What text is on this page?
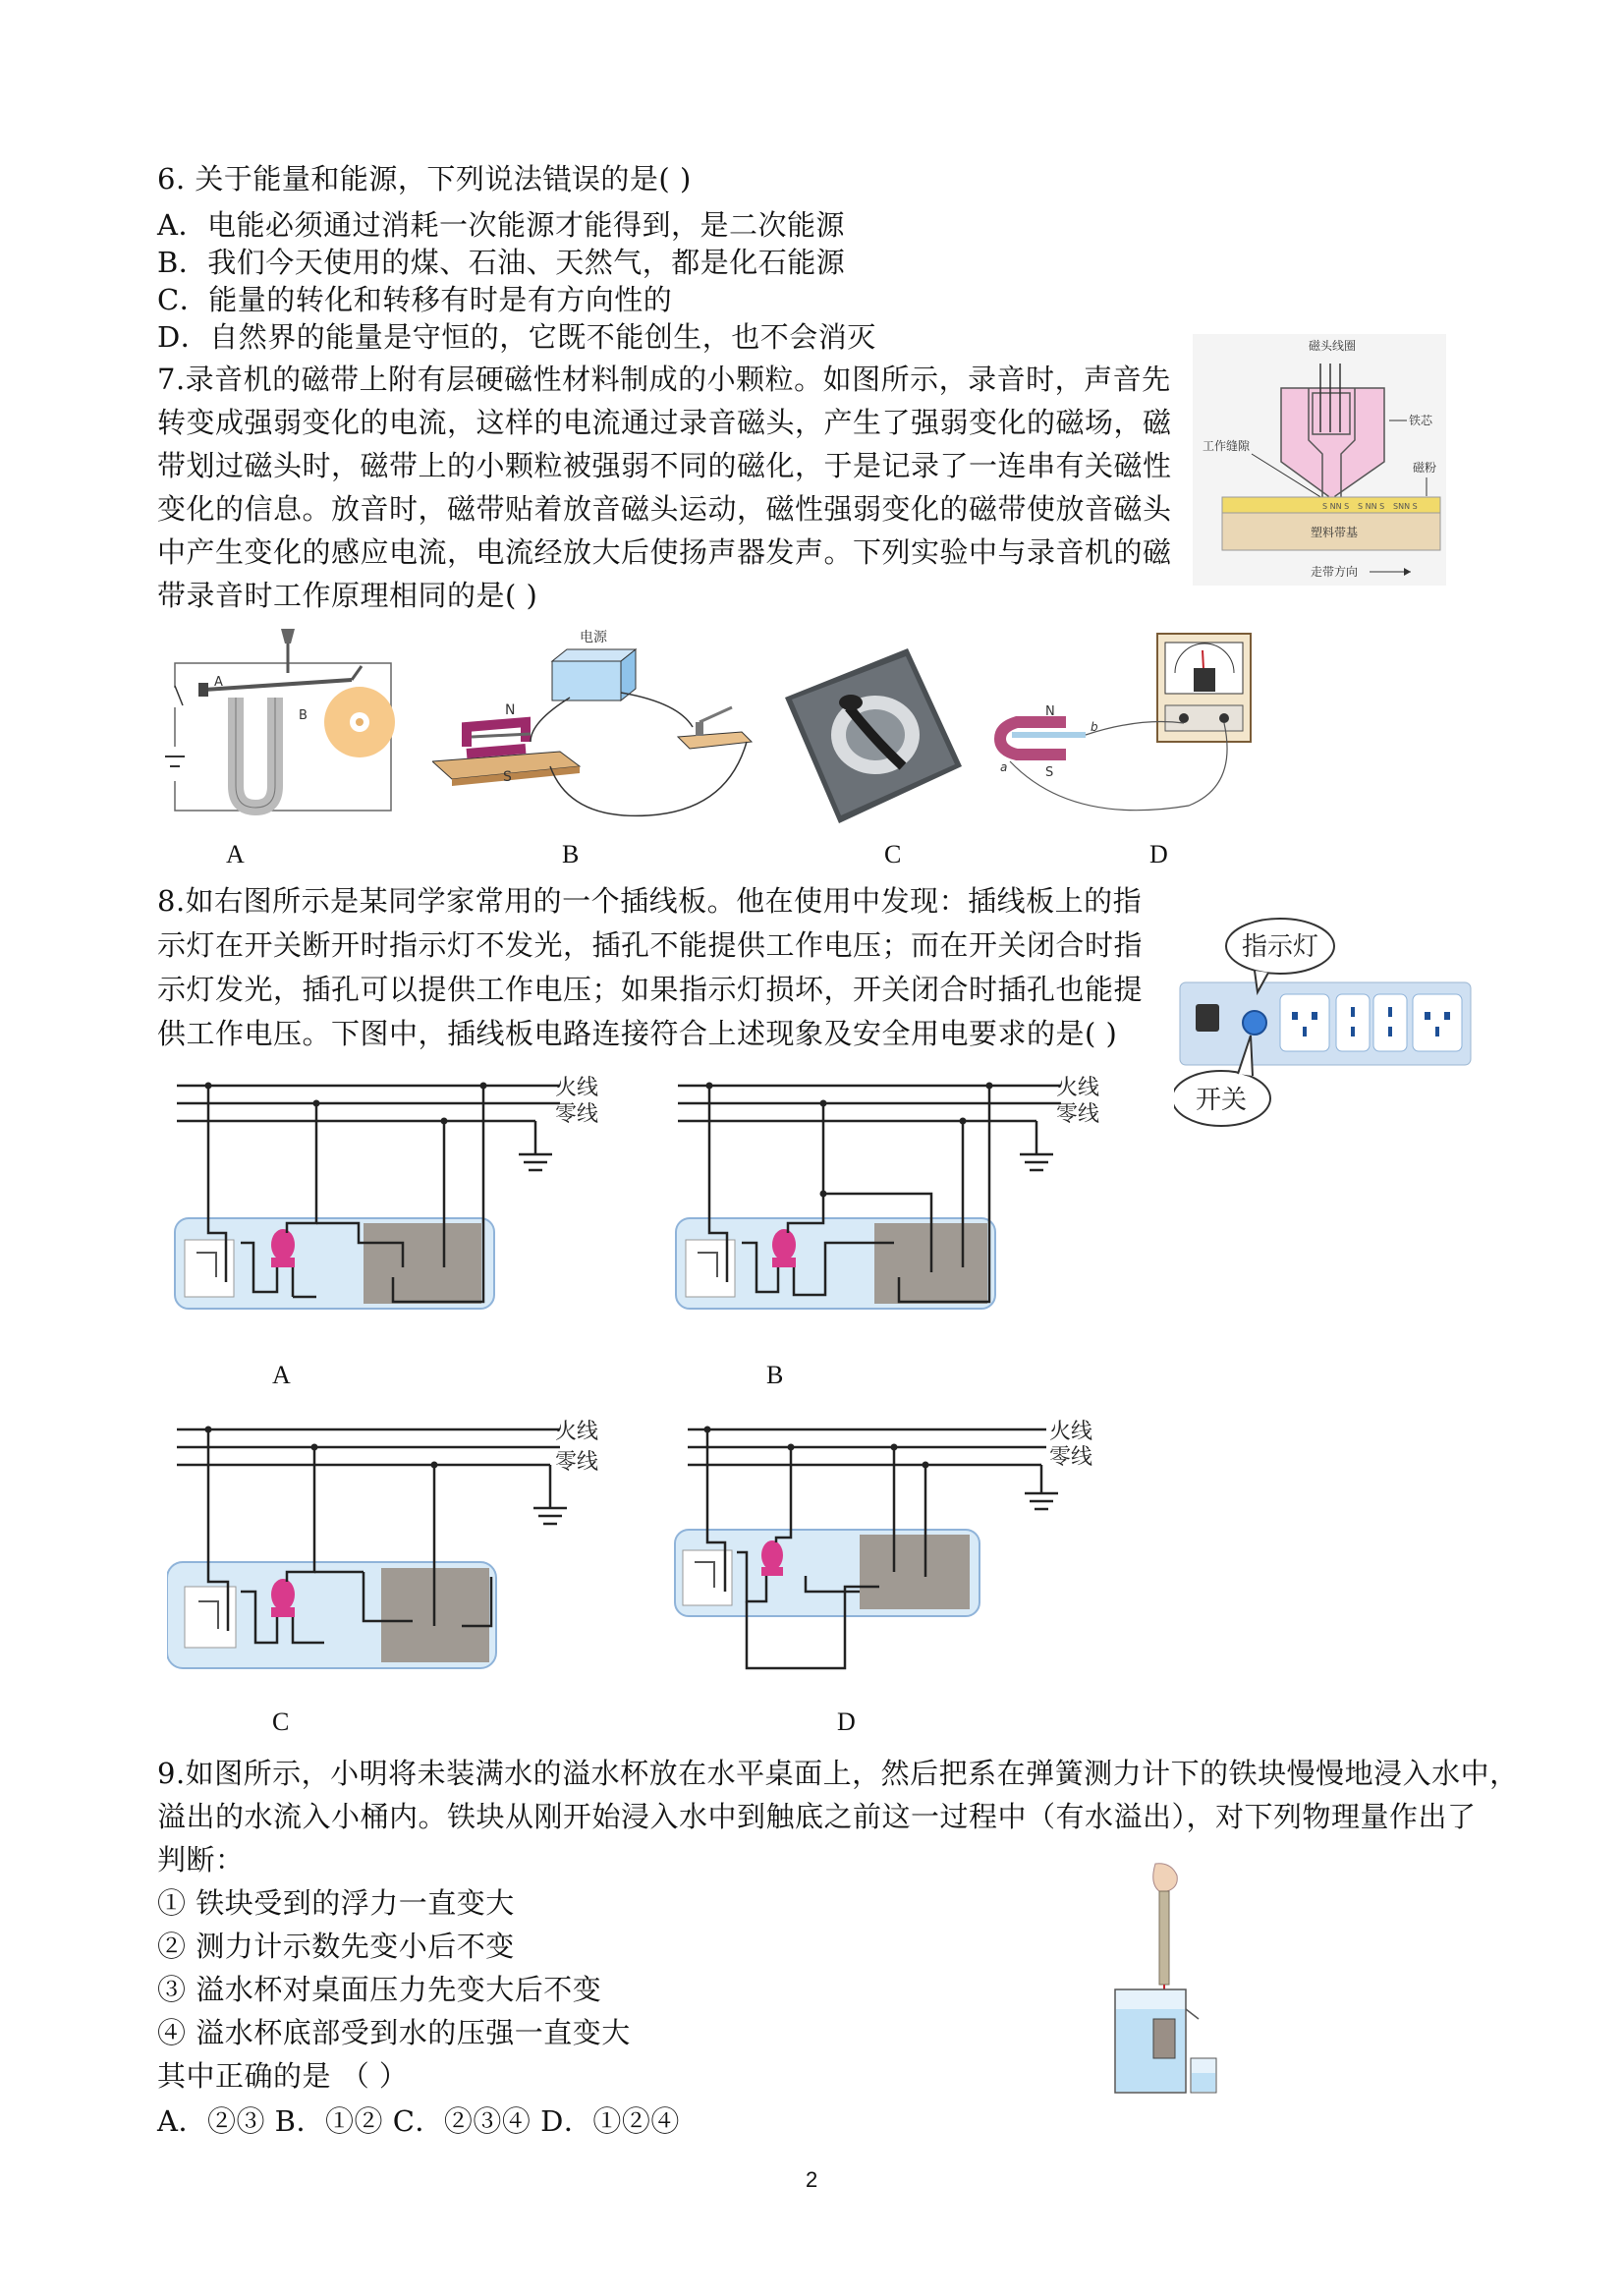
6. 关于能量和能源，下列说法错误的是( )
A．电能必须通过消耗一次能源才能得到，是二次能源
B．我们今天使用的煤、石油、天然气，都是化石能源
C．能量的转化和转移有时是有方向性的
D．自然界的能量是守恒的，它既不能创生，也不会消灭
7.录音机的磁带上附有层硬磁性材料制成的小颗粒。如图所示，录音时，声音先
转变成强弱变化的电流，这样的电流通过录音磁头，产生了强弱变化的磁场，磁
带划过磁头时，磁带上的小颗粒被强弱不同的磁化，于是记录了一连串有关磁性
变化的信息。放音时，磁带贴着放音磁头运动，磁性强弱变化的磁带使放音磁头
中产生变化的感应电流，电流经放大后使扬声器发声。下列实验中与录音机的磁
带录音时工作原理相同的是( )
磁头线圈
铁芯
工作缝隙
磁粉
S NN S S NN S SNN S
塑料带基
走带方向
A
B
电源
N
S
N
S
a
b
A	B	C	D
8.如右图所示是某同学家常用的一个插线板。他在使用中发现：插线板上的指
示灯在开关断开时指示灯不发光，插孔不能提供工作电压；而在开关闭合时指
示灯发光，插孔可以提供工作电压；如果指示灯损坏，开关闭合时插孔也能提
供工作电压。下图中，插线板电路连接符合上述现象及安全用电要求的是( )
指示灯
开关
火线
零线
火线
零线
A	B
火线
零线
火线
零线
C	D
9.如图所示，小明将未装满水的溢水杯放在水平桌面上，然后把系在弹簧测力计下的铁块慢慢地浸入水中，
溢出的水流入小桶内。铁块从刚开始浸入水中到触底之前这一过程中（有水溢出），对下列物理量作出了
判断：
① 铁块受到的浮力一直变大
② 测力计示数先变小后不变
③ 溢水杯对桌面压力先变大后不变
④ 溢水杯底部受到水的压强一直变大
其中正确的是 （ ）
A．②③ B．①② C．②③④ D．①②④
2
